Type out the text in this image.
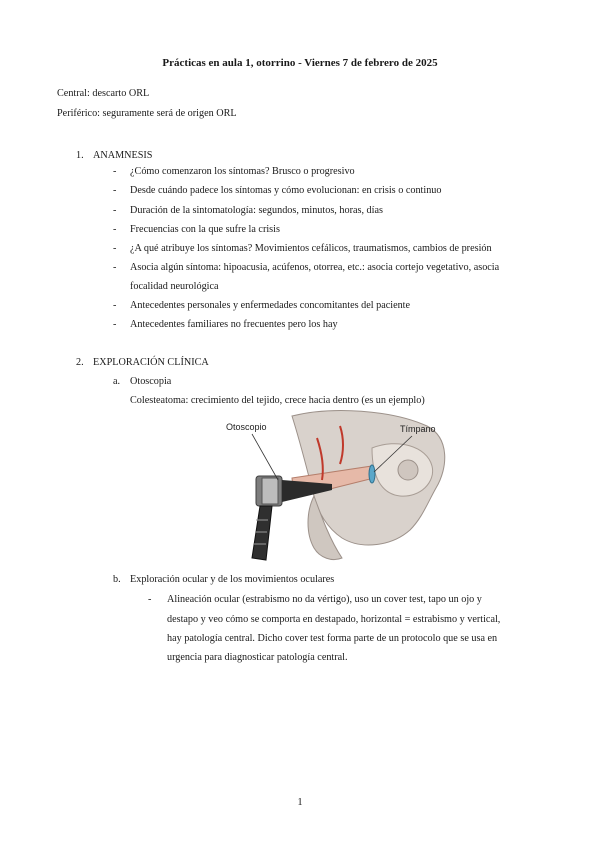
Prácticas en aula 1, otorrino - Viernes 7 de febrero de 2025
Central: descarto ORL
Periférico: seguramente será de origen ORL
1. ANAMNESIS
- ¿Cómo comenzaron los síntomas? Brusco o progresivo
- Desde cuándo padece los síntomas y cómo evolucionan: en crisis o continuo
- Duración de la sintomatología: segundos, minutos, horas, días
- Frecuencias con la que sufre la crisis
- ¿A qué atribuye los síntomas? Movimientos cefálicos, traumatismos, cambios de presión
- Asocia algún síntoma: hipoacusia, acúfenos, otorrea, etc.: asocia cortejo vegetativo, asocia
focalidad neurológica
- Antecedentes personales y enfermedades concomitantes del paciente
- Antecedentes familiares no frecuentes pero los hay
2. EXPLORACIÓN CLÍNICA
a. Otoscopia
Colesteatoma: crecimiento del tejido, crece hacia dentro (es un ejemplo)
Otoscopio	Tímpano
b. Exploración ocular y de los movimientos oculares
- Alineación ocular (estrabismo no da vértigo), uso un cover test, tapo un ojo y
destapo y veo cómo se comporta en destapado, horizontal = estrabismo y vertical,
hay patología central. Dicho cover test forma parte de un protocolo que se usa en
urgencia para diagnosticar patología central.
1
